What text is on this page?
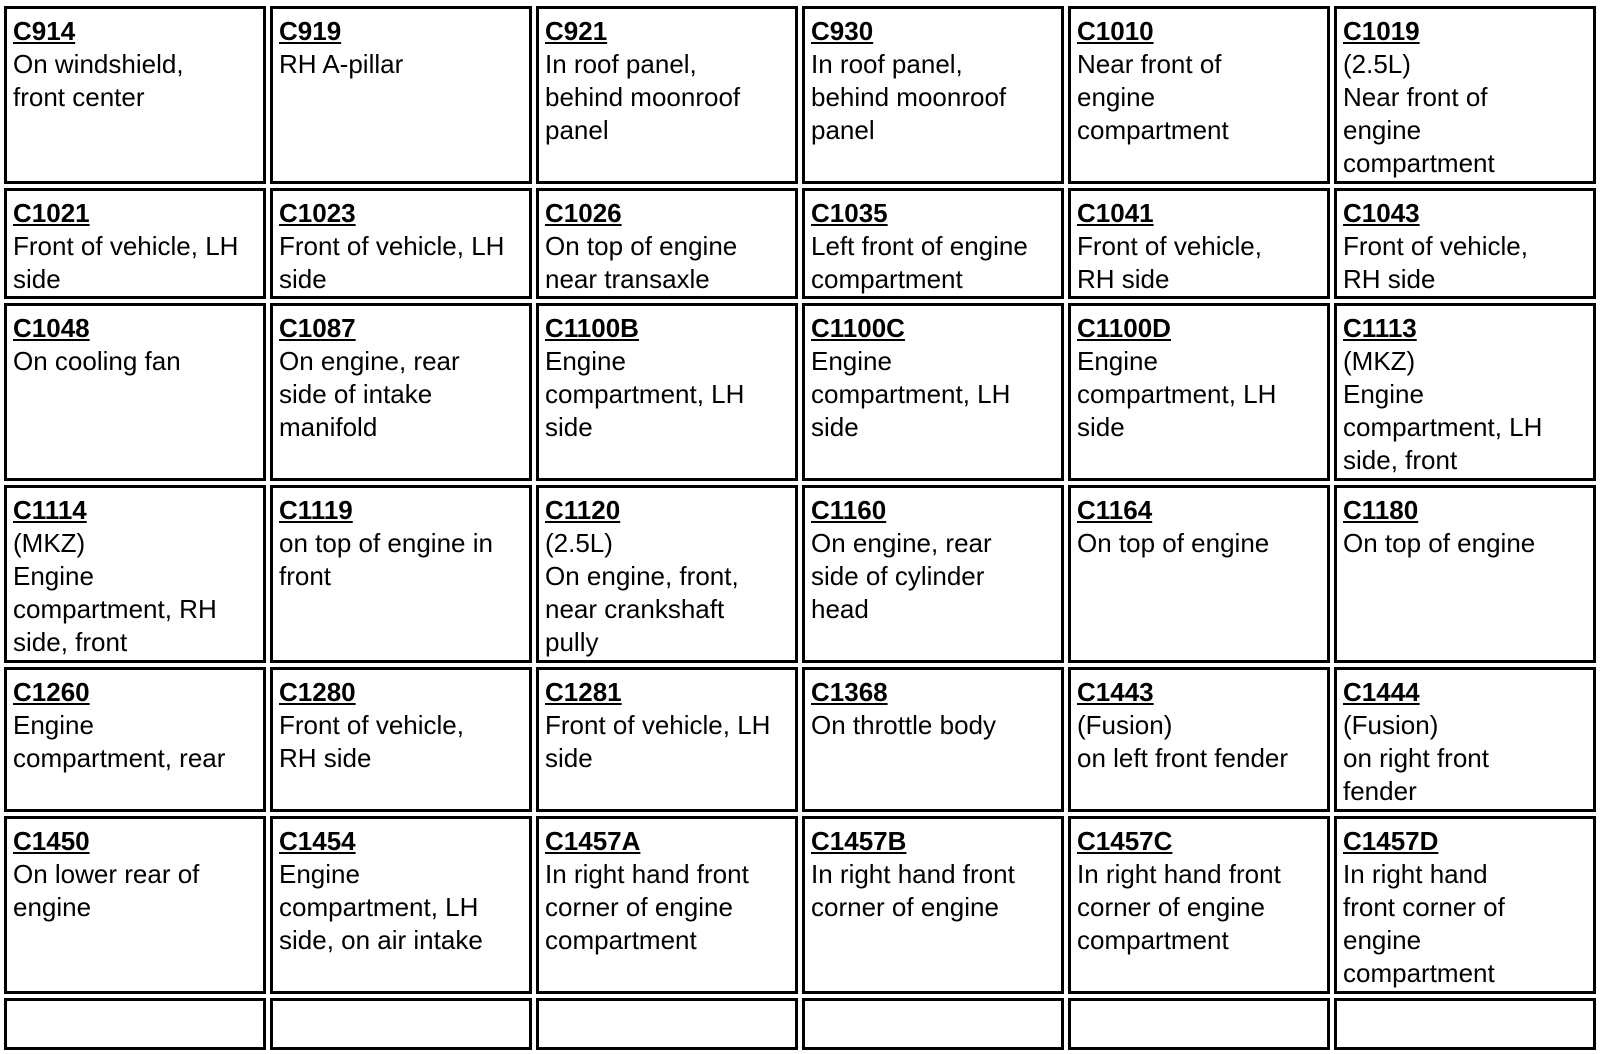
C914
On windshield,
front center	C919
RH A-pillar	C921
In roof panel,
behind moonroof
panel	C930
In roof panel,
behind moonroof
panel	C1010
Near front of
engine
compartment	C1019
(2.5L)
Near front of
engine
compartment

C1021
Front of vehicle, LH
side	C1023
Front of vehicle, LH
side	C1026
On top of engine
near transaxle	C1035
Left front of engine
compartment	C1041
Front of vehicle,
RH side	C1043
Front of vehicle,
RH side

C1048
On cooling fan	C1087
On engine, rear
side of intake
manifold	C1100B
Engine
compartment, LH
side	C1100C
Engine
compartment, LH
side	C1100D
Engine
compartment, LH
side	C1113
(MKZ)
Engine
compartment, LH
side, front

C1114
(MKZ)
Engine
compartment, RH
side, front	C1119
on top of engine in
front	C1120
(2.5L)
On engine, front,
near crankshaft
pully	C1160
On engine, rear
side of cylinder
head	C1164
On top of engine	C1180
On top of engine

C1260
Engine
compartment, rear	C1280
Front of vehicle,
RH side	C1281
Front of vehicle, LH
side	C1368
On throttle body	C1443
(Fusion)
on left front fender	C1444
(Fusion)
on right front
fender

C1450
On lower rear of
engine	C1454
Engine
compartment, LH
side, on air intake	C1457A
In right hand front
corner of engine
compartment	C1457B
In right hand front
corner of engine	C1457C
In right hand front
corner of engine
compartment	C1457D
In right hand
front corner of
engine
compartment
